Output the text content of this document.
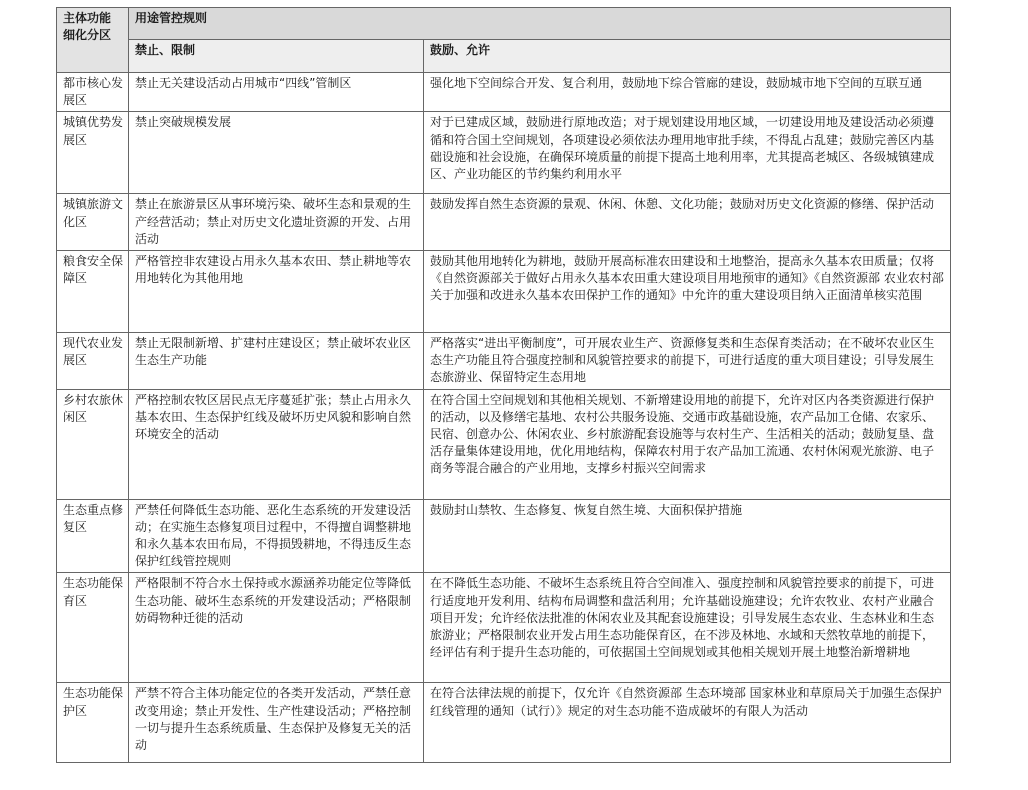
主体功能
细化分区	用途管控规则	
	禁止、限制	鼓励、允许
都市核心发展区	禁止无关建设活动占用城市“四线”管制区	强化地下空间综合开发、复合利用，鼓励地下综合管廊的建设，鼓励城市地下空间的互联互通
城镇优势发展区	禁止突破规模发展	对于已建成区域，鼓励进行原地改造；对于规划建设用地区域，一切建设用地及建设活动必须遵循和符合国土空间规划，各项建设必须依法办理用地审批手续，不得乱占乱建；鼓励完善区内基础设施和社会设施，在确保环境质量的前提下提高土地利用率，尤其提高老城区、各级城镇建成区、产业功能区的节约集约利用水平
城镇旅游文化区	禁止在旅游景区从事环境污染、破坏生态和景观的生产经营活动；禁止对历史文化遗址资源的开发、占用活动	鼓励发挥自然生态资源的景观、休闲、休憩、文化功能；鼓励对历史文化资源的修缮、保护活动
粮食安全保障区	严格管控非农建设占用永久基本农田、禁止耕地等农用地转化为其他用地	鼓励其他用地转化为耕地，鼓励开展高标准农田建设和土地整治，提高永久基本农田质量；仅将《自然资源部关于做好占用永久基本农田重大建设项目用地预审的通知》《自然资源部 农业农村部关于加强和改进永久基本农田保护工作的通知》中允许的重大建设项目纳入正面清单核实范围
现代农业发展区	禁止无限制新增、扩建村庄建设区；禁止破坏农业区生态生产功能	严格落实“进出平衡制度”，可开展农业生产、资源修复类和生态保育类活动；在不破坏农业区生态生产功能且符合强度控制和风貌管控要求的前提下，可进行适度的重大项目建设；引导发展生态旅游业、保留特定生态用地
乡村农旅休闲区	严格控制农牧区居民点无序蔓延扩张；禁止占用永久基本农田、生态保护红线及破坏历史风貌和影响自然环境安全的活动	在符合国土空间规划和其他相关规划、不新增建设用地的前提下，允许对区内各类资源进行保护的活动，以及修缮宅基地、农村公共服务设施、交通市政基础设施，农产品加工仓储、农家乐、民宿、创意办公、休闲农业、乡村旅游配套设施等与农村生产、生活相关的活动；鼓励复垦、盘活存量集体建设用地，优化用地结构，保障农村用于农产品加工流通、农村休闲观光旅游、电子商务等混合融合的产业用地，支撑乡村振兴空间需求
生态重点修复区	严禁任何降低生态功能、恶化生态系统的开发建设活动；在实施生态修复项目过程中，不得擅自调整耕地和永久基本农田布局，不得损毁耕地，不得违反生态保护红线管控规则	鼓励封山禁牧、生态修复、恢复自然生境、大面积保护措施
生态功能保育区	严格限制不符合水土保持或水源涵养功能定位等降低生态功能、破坏生态系统的开发建设活动；严格限制妨碍物种迁徙的活动	在不降低生态功能、不破坏生态系统且符合空间准入、强度控制和风貌管控要求的前提下，可进行适度地开发利用、结构布局调整和盘活利用；允许基础设施建设；允许农牧业、农村产业融合项目开发；允许经依法批准的休闲农业及其配套设施建设；引导发展生态农业、生态林业和生态旅游业；严格限制农业开发占用生态功能保育区，在不涉及林地、水域和天然牧草地的前提下，经评估有利于提升生态功能的，可依据国土空间规划或其他相关规划开展土地整治新增耕地
生态功能保护区	严禁不符合主体功能定位的各类开发活动，严禁任意改变用途；禁止开发性、生产性建设活动；严格控制一切与提升生态系统质量、生态保护及修复无关的活动	在符合法律法规的前提下，仅允许《自然资源部 生态环境部 国家林业和草原局关于加强生态保护红线管理的通知（试行）》规定的对生态功能不造成破坏的有限人为活动
